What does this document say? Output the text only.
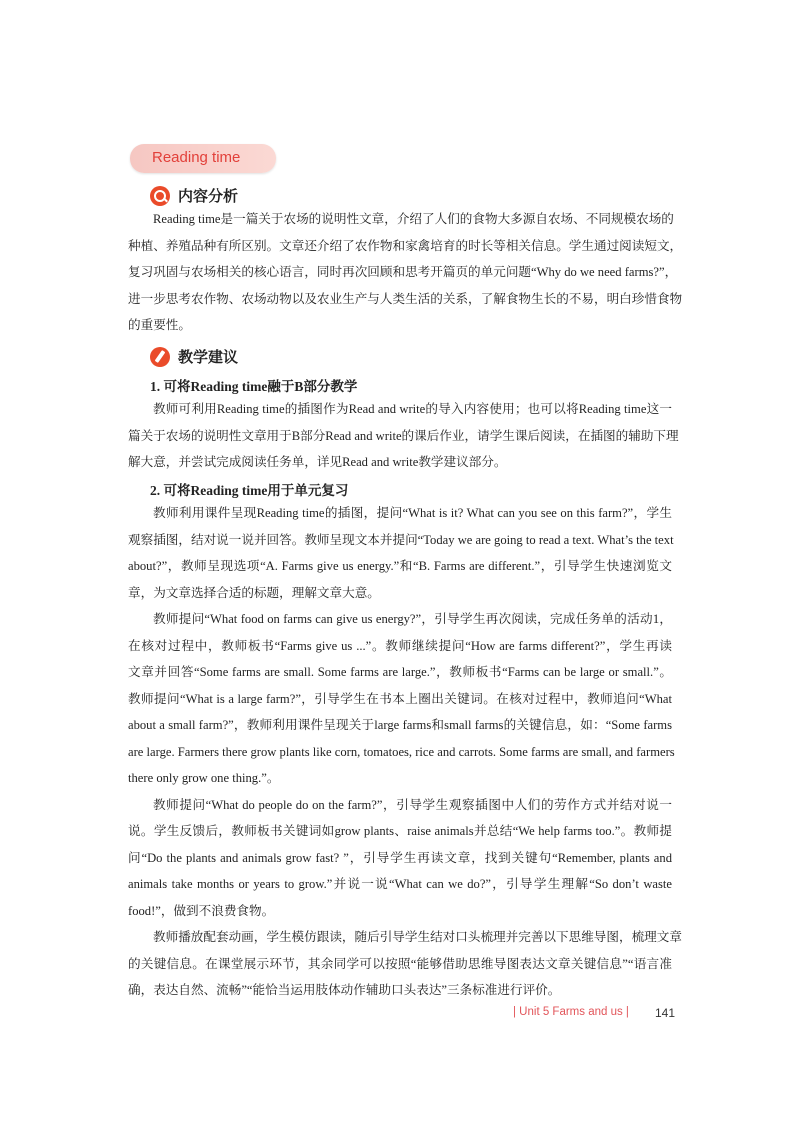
Reading time
内容分析
Reading time是一篇关于农场的说明性文章，介绍了人们的食物大多源自农场、不同规模农场的
种植、养殖品种有所区别。文章还介绍了农作物和家禽培育的时长等相关信息。学生通过阅读短文，
复习巩固与农场相关的核心语言，同时再次回顾和思考开篇页的单元问题“Why do we need farms?”，
进一步思考农作物、农场动物以及农业生产与人类生活的关系，了解食物生长的不易，明白珍惜食物
的重要性。
教学建议
1. 可将Reading time融于B部分教学
教师可利用Reading time的插图作为Read and write的导入内容使用；也可以将Reading time这一
篇关于农场的说明性文章用于B部分Read and write的课后作业，请学生课后阅读，在插图的辅助下理
解大意，并尝试完成阅读任务单，详见Read and write教学建议部分。
2. 可将Reading time用于单元复习
教师利用课件呈现Reading time的插图，提问“What is it? What can you see on this farm?”，学生
观察插图，结对说一说并回答。教师呈现文本并提问“Today we are going to read a text. What’s the text
about?”，教师呈现选项“A. Farms give us energy.”和“B. Farms are different.”，引导学生快速浏览文
章，为文章选择合适的标题，理解文章大意。
教师提问“What food on farms can give us energy?”，引导学生再次阅读，完成任务单的活动1，
在核对过程中，教师板书“Farms give us ...”。教师继续提问“How are farms different?”，学生再读
文章并回答“Some farms are small. Some farms are large.”，教师板书“Farms can be large or small.”。
教师提问“What is a large farm?”，引导学生在书本上圈出关键词。在核对过程中，教师追问“What
about a small farm?”，教师利用课件呈现关于large farms和small farms的关键信息，如：“Some farms
are large. Farmers there grow plants like corn, tomatoes, rice and carrots. Some farms are small, and farmers
there only grow one thing.”。
教师提问“What do people do on the farm?”，引导学生观察插图中人们的劳作方式并结对说一
说。学生反馈后，教师板书关键词如grow plants、raise animals并总结“We help farms too.”。教师提
问“Do the plants and animals grow fast? ”，引导学生再读文章，找到关键句“Remember, plants and
animals take months or years to grow.”并说一说“What can we do?”，引导学生理解“So don’t waste
food!”，做到不浪费食物。
教师播放配套动画，学生模仿跟读，随后引导学生结对口头梳理并完善以下思维导图，梳理文章
的关键信息。在课堂展示环节，其余同学可以按照“能够借助思维导图表达文章关键信息”“语言准
确，表达自然、流畅”“能恰当运用肢体动作辅助口头表达”三条标准进行评价。
| Unit 5 Farms and us | 141
